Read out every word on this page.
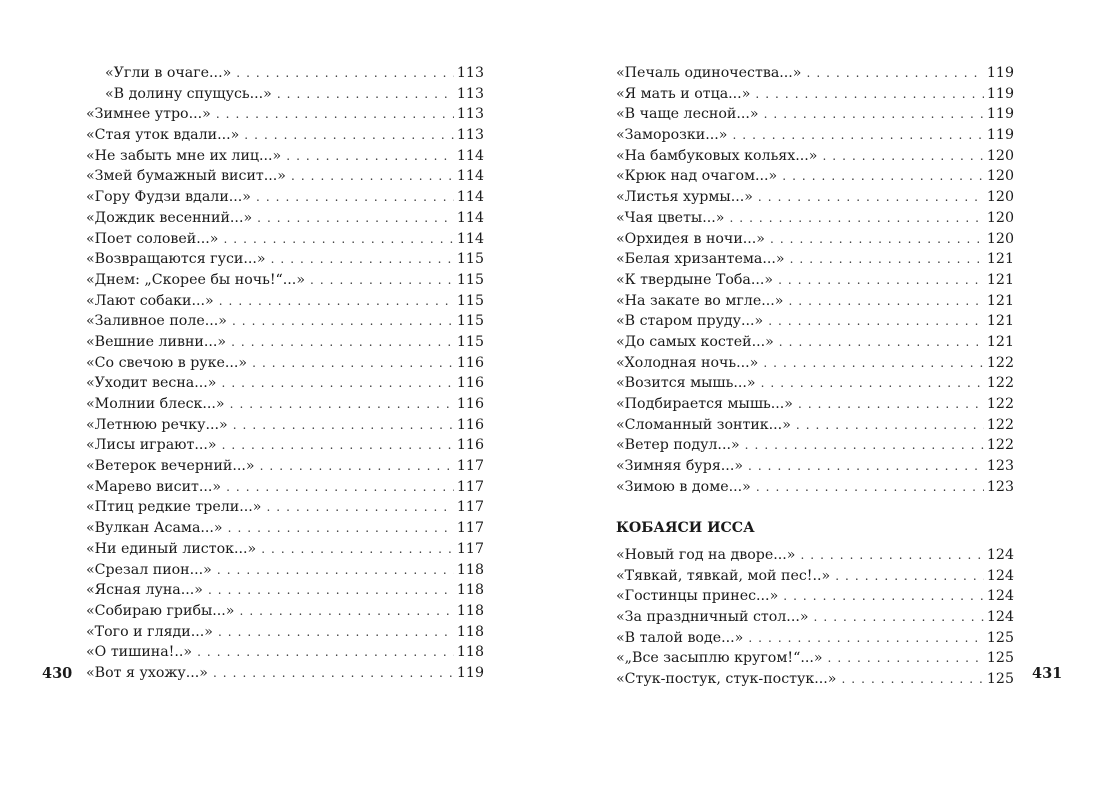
«Угли в очаге...» . . .	113
«В долину спущусь...» . . .	113
«Зимнее утро...» . . .	113
«Стая уток вдали...» . . .	113
«Не забыть мне их лиц...» . . .	114
«Змей бумажный висит...» . . .	114
«Гору Фудзи вдали...» . . .	114
«Дождик весенний...» . . .	114
«Поет соловей...» . . .	114
«Возвращаются гуси...» . . .	115
«Днем: „Скорее бы ночь!“...» . . .	115
«Лают собаки...» . . .	115
«Заливное поле...» . . .	115
«Вешние ливни...» . . .	115
«Со свечою в руке...» . . .	116
«Уходит весна...» . . .	116
«Молнии блеск...» . . .	116
«Летнюю речку...» . . .	116
«Лисы играют...» . . .	116
«Ветерок вечерний...» . . .	117
«Марево висит...» . . .	117
«Птиц редкие трели...» . . .	117
«Вулкан Асама...» . . .	117
«Ни единый листок...» . . .	117
«Срезал пион...» . . .	118
«Ясная луна...» . . .	118
«Собираю грибы...» . . .	118
«Того и гляди...» . . .	118
«О тишина!..» . . .	118
«Вот я ухожу...» . . .	119
«Печаль одиночества...» . . .	119
«Я мать и отца...» . . .	119
«В чаще лесной...» . . .	119
«Заморозки...» . . .	119
«На бамбуковых кольях...» . . .	120
«Крюк над очагом...» . . .	120
«Листья хурмы...» . . .	120
«Чая цветы...» . . .	120
«Орхидея в ночи...» . . .	120
«Белая хризантема...» . . .	121
«К твердыне Тоба...» . . .	121
«На закате во мгле...» . . .	121
«В старом пруду...» . . .	121
«До самых костей...» . . .	121
«Холодная ночь...» . . .	122
«Возится мышь...» . . .	122
«Подбирается мышь...» . . .	122
«Сломанный зонтик...» . . .	122
«Ветер подул...» . . .	122
«Зимняя буря...» . . .	123
«Зимою в доме...» . . .	123
КОБАЯСИ ИССА
«Новый год на дворе...» . . .	124
«Тявкай, тявкай, мой пес!..» . . .	124
«Гостинцы принес...» . . .	124
«За праздничный стол...» . . .	124
«В талой воде...» . . .	125
«„Все засыплю кругом!“...» . . .	125
«Стук-постук, стук-постук...» . . .	125
430	431
